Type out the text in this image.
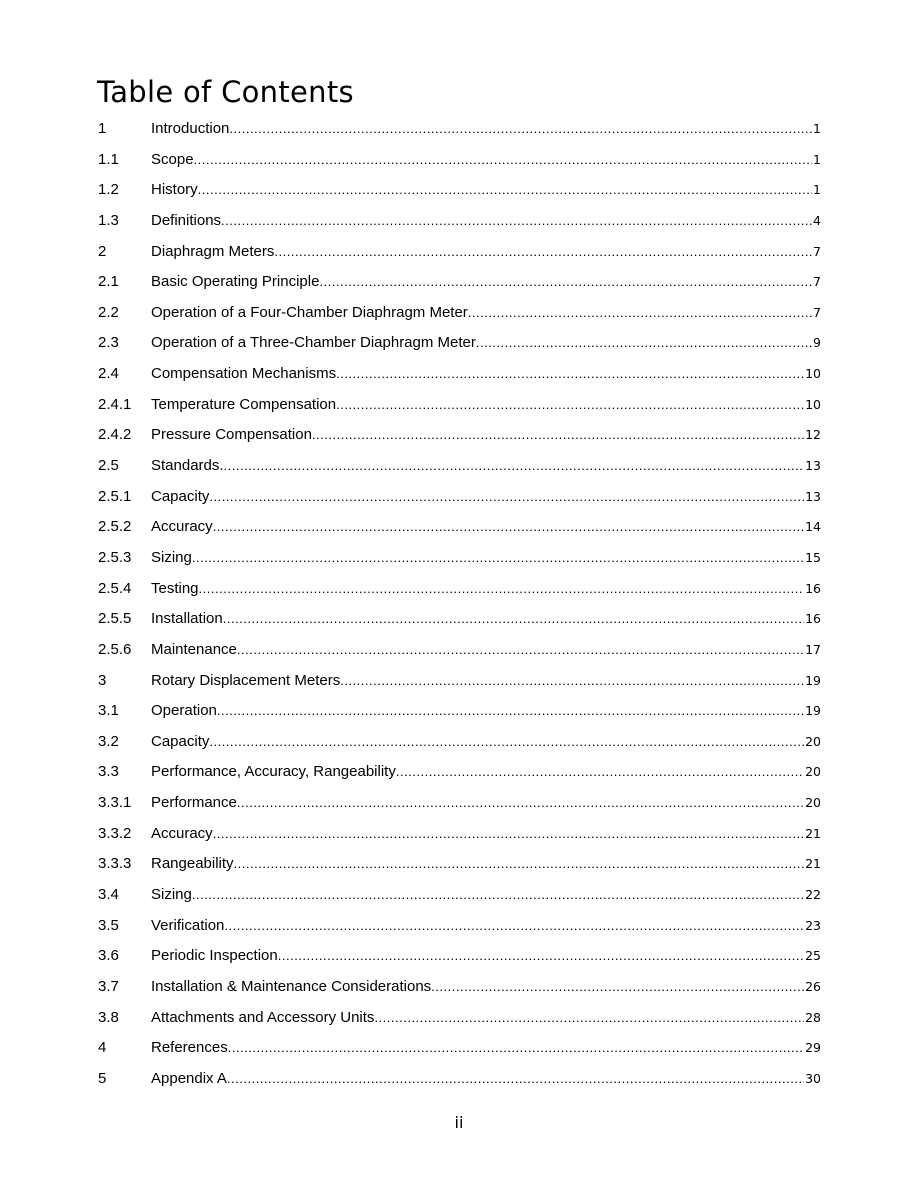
Table of Contents
1	Introduction .....	1
1.1	Scope .....	1
1.2	History .....	1
1.3	Definitions .....	4
2	Diaphragm Meters .....	7
2.1	Basic Operating Principle .....	7
2.2	Operation of a Four-Chamber Diaphragm Meter .....	7
2.3	Operation of a Three-Chamber Diaphragm Meter .....	9
2.4	Compensation Mechanisms .....	10
2.4.1	Temperature Compensation .....	10
2.4.2	Pressure Compensation .....	12
2.5	Standards. .....	13
2.5.1	Capacity .....	13
2.5.2	Accuracy .....	14
2.5.3	Sizing .....	15
2.5.4	Testing .....	16
2.5.5	Installation .....	16
2.5.6	Maintenance .....	17
3	Rotary Displacement Meters .....	19
3.1	Operation .....	19
3.2	Capacity .....	20
3.3	Performance, Accuracy, Rangeability .....	20
3.3.1	Performance .....	20
3.3.2	Accuracy .....	21
3.3.3	Rangeability .....	21
3.4	Sizing .....	22
3.5	Verification .....	23
3.6	Periodic Inspection .....	25
3.7	Installation & Maintenance Considerations .....	26
3.8	Attachments and Accessory Units .....	28
4	References .....	29
5	Appendix A .....	30
ii
